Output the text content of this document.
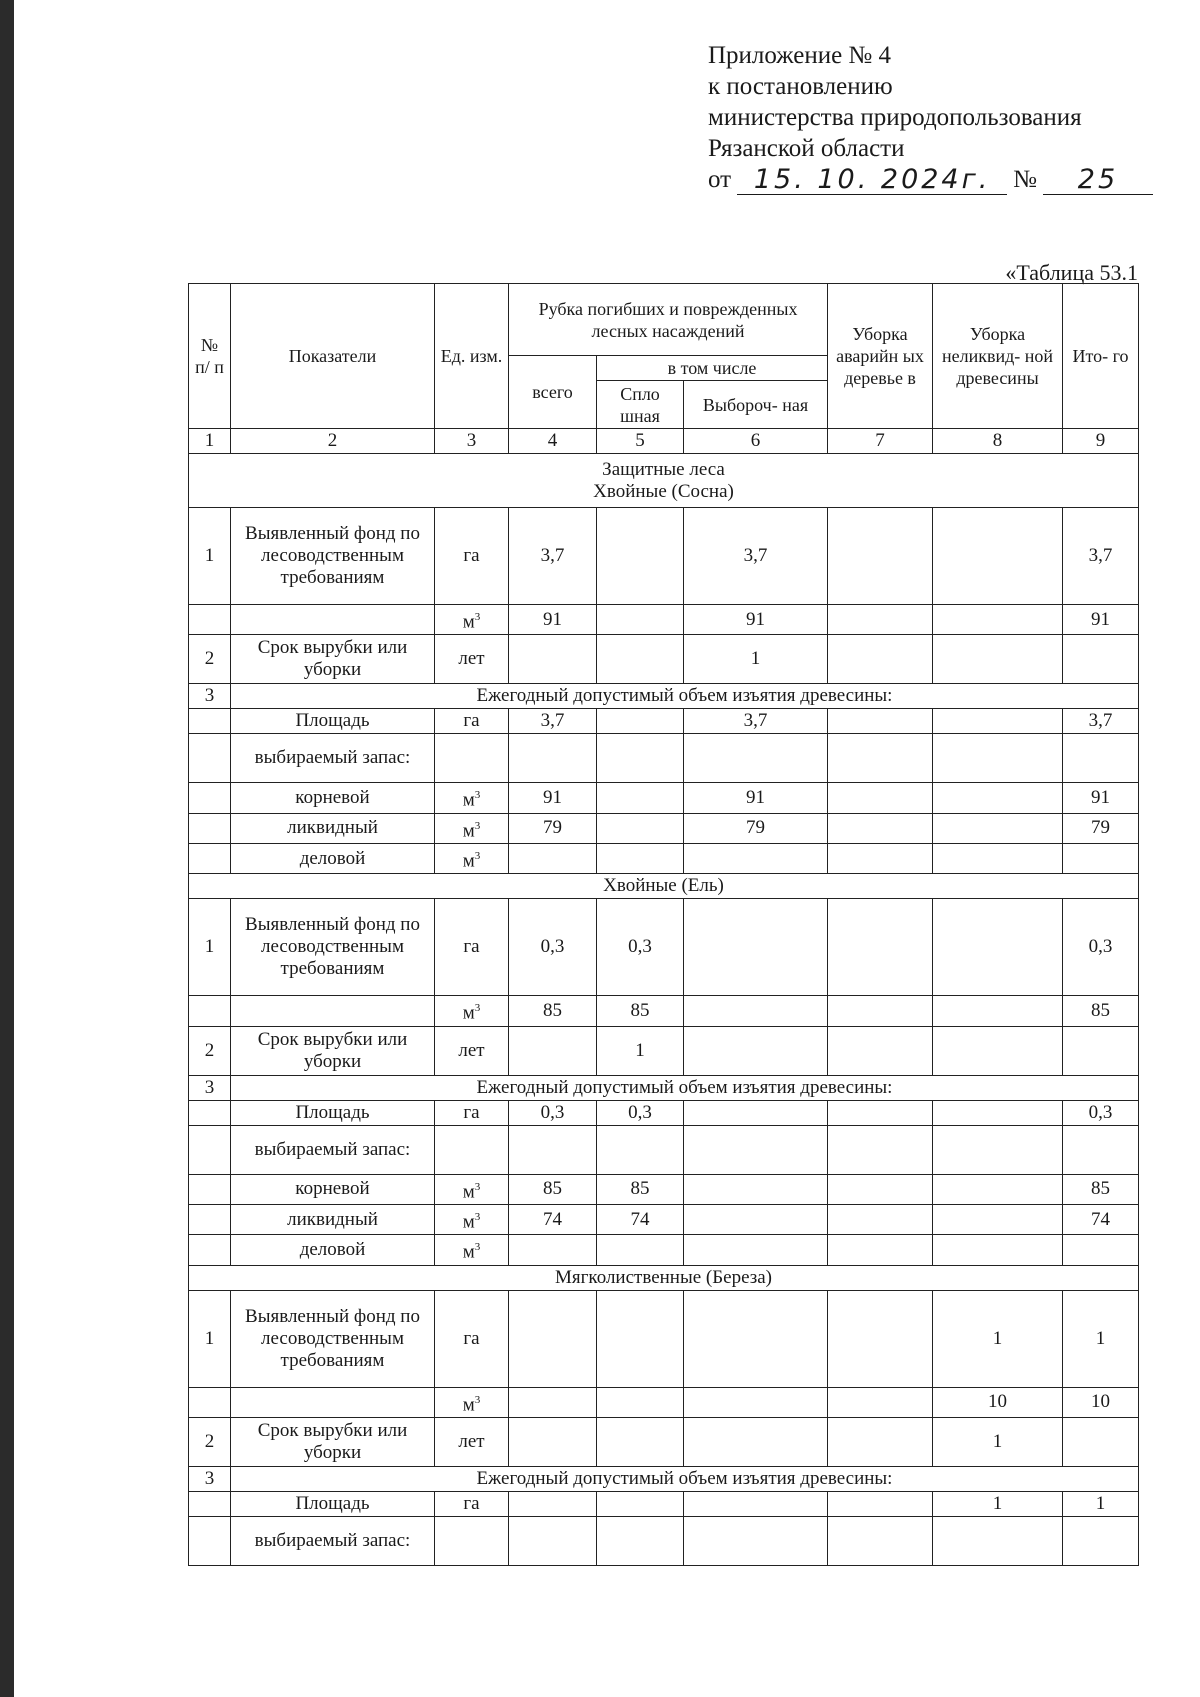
Приложение № 4
к постановлению
министерства природопользования
Рязанской области
от 15. 10. 2024г. №	25
«Таблица 53.1
№ п/ п	Показатели	Ед. изм.	Рубка погибших и поврежденных лесных насаждений			Уборка аварийн ых деревье в	Уборка неликвид- ной древесины	Ито- го
			всего	в том числе				
				Спло шная	Выбороч- ная			
1	2	3	4	5	6	7	8	9

Защитные леса
Хвойные (Сосна)								

1	Выявленный фонд по лесоводственным требованиям	га	3,7		3,7			3,7
		$м^3$	91		91			91
2	Срок вырубки или уборки	лет			1			
3	Ежегодный допустимый объем изъятия древесины:							
	Площадь	га	3,7		3,7			3,7
	выбираемый запас:							
	корневой	$м^3$	91		91			91
	ликвидный	$м^3$	79		79			79
	деловой	$м^3$						
Хвойные (Ель)								
1	Выявленный фонд по лесоводственным требованиям	га	0,3	0,3				0,3
		$м^3$	85	85				85
2	Срок вырубки или уборки	лет		1				
3	Ежегодный допустимый объем изъятия древесины:							
	Площадь	га	0,3	0,3				0,3
	выбираемый запас:							
	корневой	$м^3$	85	85				85
	ликвидный	$м^3$	74	74				74
	деловой	$м^3$						
Мягколиственные (Береза)								
1	Выявленный фонд по лесоводственным требованиям	га					1	1
		$м^3$					10	10
2	Срок вырубки или уборки	лет					1	
3	Ежегодный допустимый объем изъятия древесины:							
	Площадь	га					1	1
	выбираемый запас:							
